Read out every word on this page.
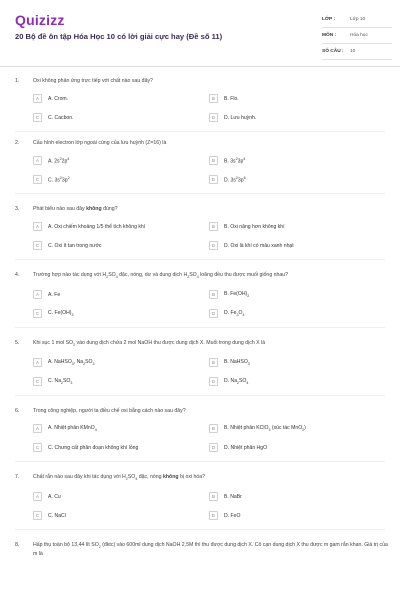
Quizizz
20 Bộ đề ôn tập Hóa Học 10 có lời giải cực hay (Đề số 11)
LỚP :	Lớp 10
MÔN :	Hóa học
SỐ CÂU :	10
1.	Oxi không phản ứng trực tiếp với chất nào sau đây?
A	A. Crom.	B	B. Flo.
C	C. Cacbon.	D	D. Lưu huỳnh.
2.	Cấu hình electron lớp ngoài cùng của lưu huỳnh (Z=16) là
A	A. $2s^22p^4$	B	B. $3s^23p^4$
C	C. $3s^23p^2$	D	D. $3s^23p^6$
3.	Phát biểu nào sau đây không đúng?
A	A. Oxi chiếm khoảng 1/5 thể tích không khí	B	B. Oxi nặng hơn không khí
C	C. Oxi ít tan trong nước	D	D. Oxi là khí có màu xanh nhạt
4.	Trường hợp nào tác dụng với $H_2SO_4$ đặc, nóng, dư và dung dịch $H_2SO_4$ loãng đều thu được muối giống nhau?
A	A. Fe	B	B. $Fe(OH)_2$
C	C. $Fe(OH)_3$	D	D. $Fe_3O_4$
5.	Khi sục 1 mol $SO_2$ vào dung dịch chứa 2 mol NaOH thu được dung dịch X. Muối trong dung dịch X là
A	A. NaHSO$_3$, $Na_2SO_3$	B	B. NaHSO$_3$
C	C. $Na_2SO_3$	D	D. $Na_2SO_4$
6.	Trong công nghiệp, người ta điều chế oxi bằng cách nào sau đây?
A	A. Nhiệt phân KMnO$_4$	B	B. Nhiệt phân KClO$_3$ (xúc tác MnO$_2$)
C	C. Chưng cất phân đoạn không khí lỏng	D	D. Nhiệt phân HgO
7.	Chất rắn nào sau đây khi tác dụng với $H_2SO_4$ đặc, nóng không bị oxi hóa?
A	A. Cu	B	B. NaBr
C	C. NaCl	D	D. FeO
8.	Hấp thụ toàn bộ 13,44 lít $SO_2$ (đktc) vào 600ml dung dịch NaOH 2,5M thì thu được dung dịch X. Cô cạn dung dịch X thu được m gam rắn khan. Giá trị của m là
